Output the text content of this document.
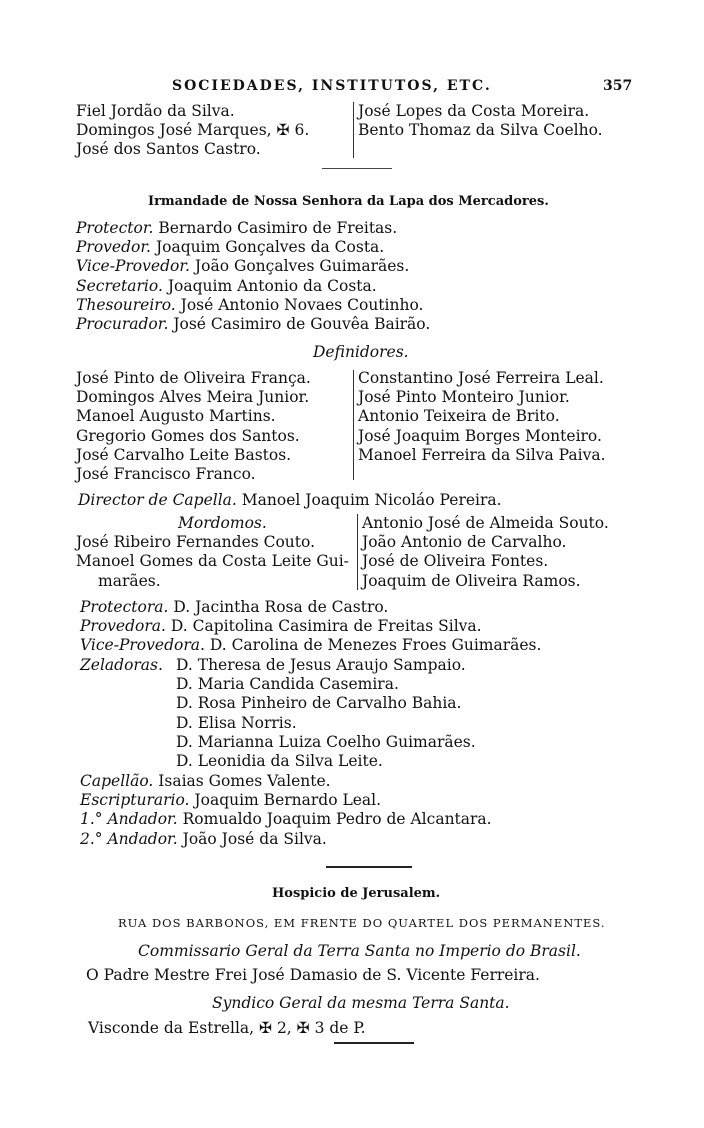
SOCIEDADES, INSTITUTOS, ETC.	357
Fiel Jordão da Silva.
Domingos José Marques, ✠ 6.
José dos Santos Castro.
José Lopes da Costa Moreira.
Bento Thomaz da Silva Coelho.
Irmandade de Nossa Senhora da Lapa dos Mercadores.
Protector. Bernardo Casimiro de Freitas.
Provedor. Joaquim Gonçalves da Costa.
Vice-Provedor. João Gonçalves Guimarães.
Secretario. Joaquim Antonio da Costa.
Thesoureiro. José Antonio Novaes Coutinho.
Procurador. José Casimiro de Gouvêa Bairão.
Definidores.
José Pinto de Oliveira França.
Domingos Alves Meira Junior.
Manoel Augusto Martins.
Gregorio Gomes dos Santos.
José Carvalho Leite Bastos.
José Francisco Franco.
Constantino José Ferreira Leal.
José Pinto Monteiro Junior.
Antonio Teixeira de Brito.
José Joaquim Borges Monteiro.
Manoel Ferreira da Silva Paiva.
Director de Capella. Manoel Joaquim Nicoláo Pereira.
Mordomos.
José Ribeiro Fernandes Couto.
Manoel Gomes da Costa Leite Gui-
marães.
Antonio José de Almeida Souto.
João Antonio de Carvalho.
José de Oliveira Fontes.
Joaquim de Oliveira Ramos.
Protectora. D. Jacintha Rosa de Castro.
Provedora. D. Capitolina Casimira de Freitas Silva.
Vice-Provedora. D. Carolina de Menezes Froes Guimarães.
Zeladoras. D. Theresa de Jesus Araujo Sampaio.
D. Maria Candida Casemira.
D. Rosa Pinheiro de Carvalho Bahia.
D. Elisa Norris.
D. Marianna Luiza Coelho Guimarães.
D. Leonidia da Silva Leite.
Capellão. Isaias Gomes Valente.
Escripturario. Joaquim Bernardo Leal.
1.° Andador. Romualdo Joaquim Pedro de Alcantara.
2.° Andador. João José da Silva.
Hospicio de Jerusalem.
RUA DOS BARBONOS, EM FRENTE DO QUARTEL DOS PERMANENTES.
Commissario Geral da Terra Santa no Imperio do Brasil.
O Padre Mestre Frei José Damasio de S. Vicente Ferreira.
Syndico Geral da mesma Terra Santa.
Visconde da Estrella, ✠ 2, ✠ 3 de P.
